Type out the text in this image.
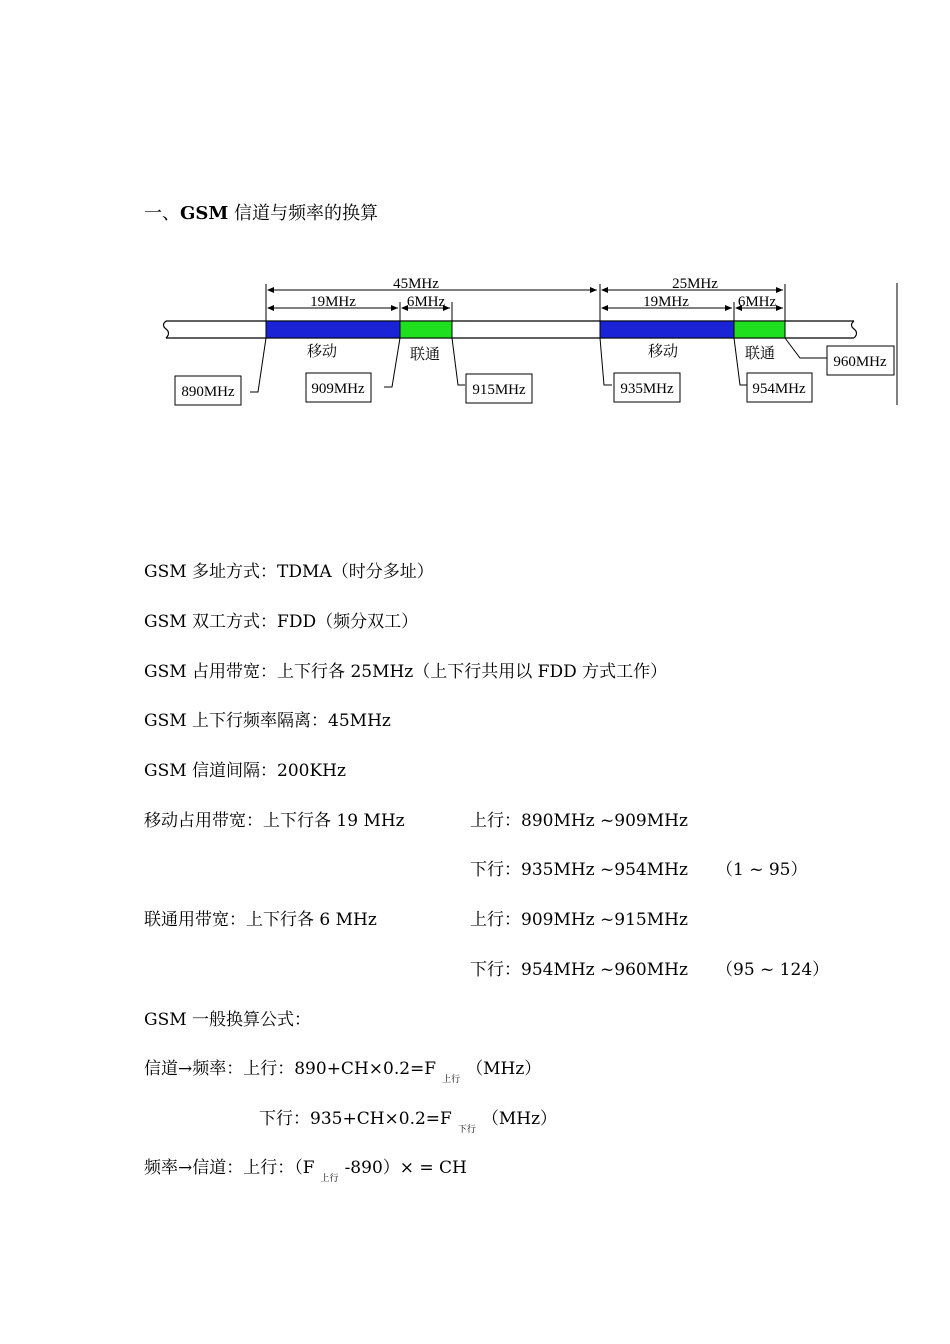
一、GSM 信道与频率的换算
45MHz	25MHz
19MHz	6MHz	19MHz	6MHz
移动	联通	移动	联通
890MHz	909MHz	915MHz	935MHz	954MHz
960MHz
GSM 多址方式：TDMA（时分多址）
GSM 双工方式：FDD（频分双工）
GSM 占用带宽：上下行各 25MHz（上下行共用以 FDD 方式工作）
GSM 上下行频率隔离：45MHz
GSM 信道间隔：200KHz
移动占用带宽：上下行各 19 MHz	上行：890MHz ~909MHz
下行：935MHz ~954MHz （1 ~ 95）
联通用带宽：上下行各 6 MHz	上行：909MHz ~915MHz
下行：954MHz ~960MHz （95 ~ 124）
GSM 一般换算公式：
信道→频率：上行：$890+CH\times 0.2=F_{上行}(MHz)$
下行：$935+CH\times 0.2=F_{下行}(MHz)$
频率→信道：上行：$(F_{上行}-890)\times$ = CH
